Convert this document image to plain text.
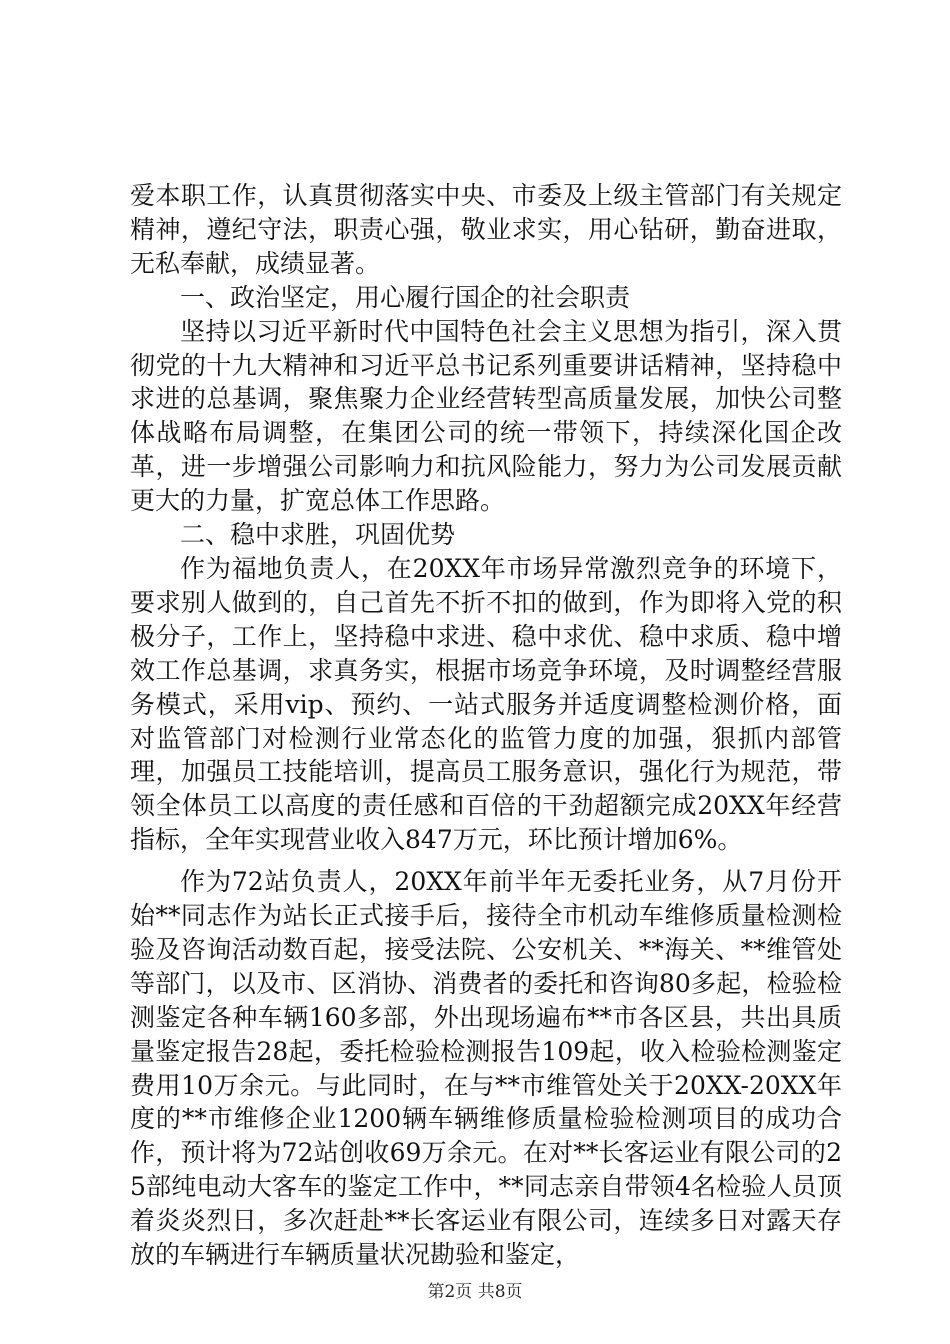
爱本职工作，认真贯彻落实中央、市委及上级主管部门有关规定精神，遵纪守法，职责心强，敬业求实，用心钻研，勤奋进取，无私奉献，成绩显著。

一、政治坚定，用心履行国企的社会职责

坚持以习近平新时代中国特色社会主义思想为指引，深入贯彻党的十九大精神和习近平总书记系列重要讲话精神，坚持稳中求进的总基调，聚焦聚力企业经营转型高质量发展，加快公司整体战略布局调整，在集团公司的统一带领下，持续深化国企改革，进一步增强公司影响力和抗风险能力，努力为公司发展贡献更大的力量，扩宽总体工作思路。

二、稳中求胜，巩固优势

作为福地负责人，在20XX年市场异常激烈竞争的环境下，要求别人做到的，自己首先不折不扣的做到，作为即将入党的积极分子，工作上，坚持稳中求进、稳中求优、稳中求质、稳中增效工作总基调，求真务实，根据市场竞争环境，及时调整经营服务模式，采用vip、预约、一站式服务并适度调整检测价格，面对监管部门对检测行业常态化的监管力度的加强，狠抓内部管理，加强员工技能培训，提高员工服务意识，强化行为规范，带领全体员工以高度的责任感和百倍的干劲超额完成20XX年经营指标，全年实现营业收入847万元，环比预计增加6%。

作为72站负责人，20XX年前半年无委托业务，从7月份开始**同志作为站长正式接手后，接待全市机动车维修质量检测检验及咨询活动数百起，接受法院、公安机关、**海关、**维管处等部门，以及市、区消协、消费者的委托和咨询80多起，检验检测鉴定各种车辆160多部，外出现场遍布**市各区县，共出具质量鉴定报告28起，委托检验检测报告109起，收入检验检测鉴定费用10万余元。与此同时，在与**市维管处关于20XX-20XX年度的**市维修企业1200辆车辆维修质量检验检测项目的成功合作，预计将为72站创收69万余元。在对**长客运业有限公司的25部纯电动大客车的鉴定工作中，**同志亲自带领4名检验人员顶着炎炎烈日，多次赶赴**长客运业有限公司，连续多日对露天存放的车辆进行车辆质量状况勘验和鉴定，

第2页 共8页
